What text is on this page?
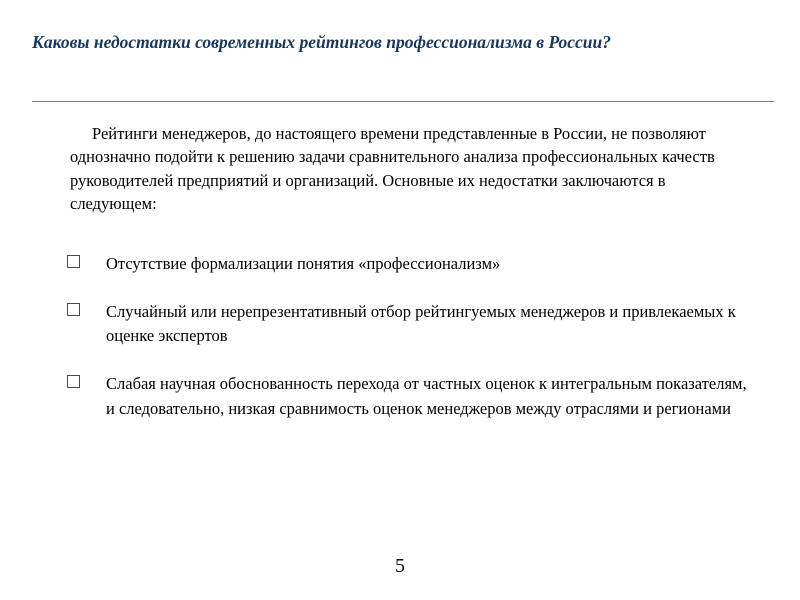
Каковы недостатки современных рейтингов профессионализма в России?

Рейтинги менеджеров, до настоящего времени представленные в России, не позволяют однозначно подойти к решению задачи сравнительного анализа профессиональных качеств руководителей предприятий и организаций. Основные их недостатки заключаются в следующем:

Отсутствие формализации понятия «профессионализм»
Случайный или нерепрезентативный отбор рейтингуемых менеджеров и привлекаемых к оценке экспертов
Слабая научная обоснованность перехода от частных оценок к интегральным показателям, и следовательно, низкая сравнимость оценок менеджеров между отраслями и регионами
5
